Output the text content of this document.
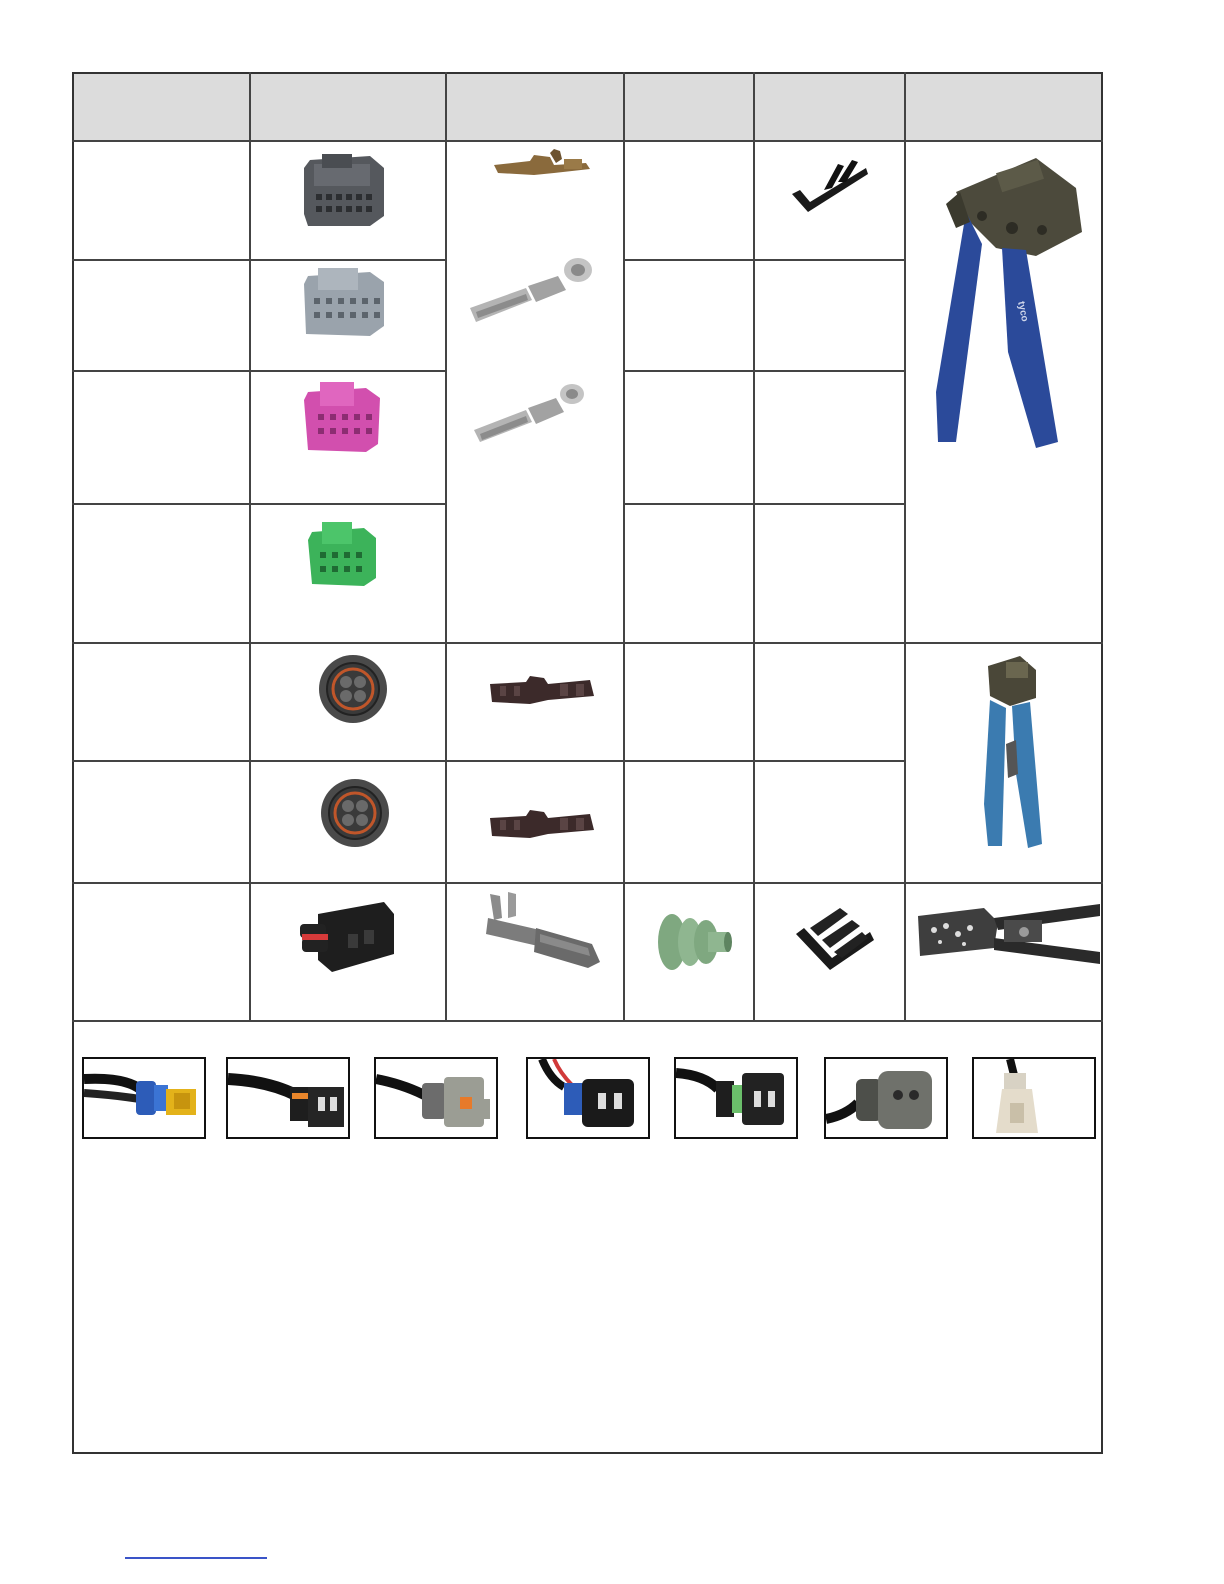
tyco
